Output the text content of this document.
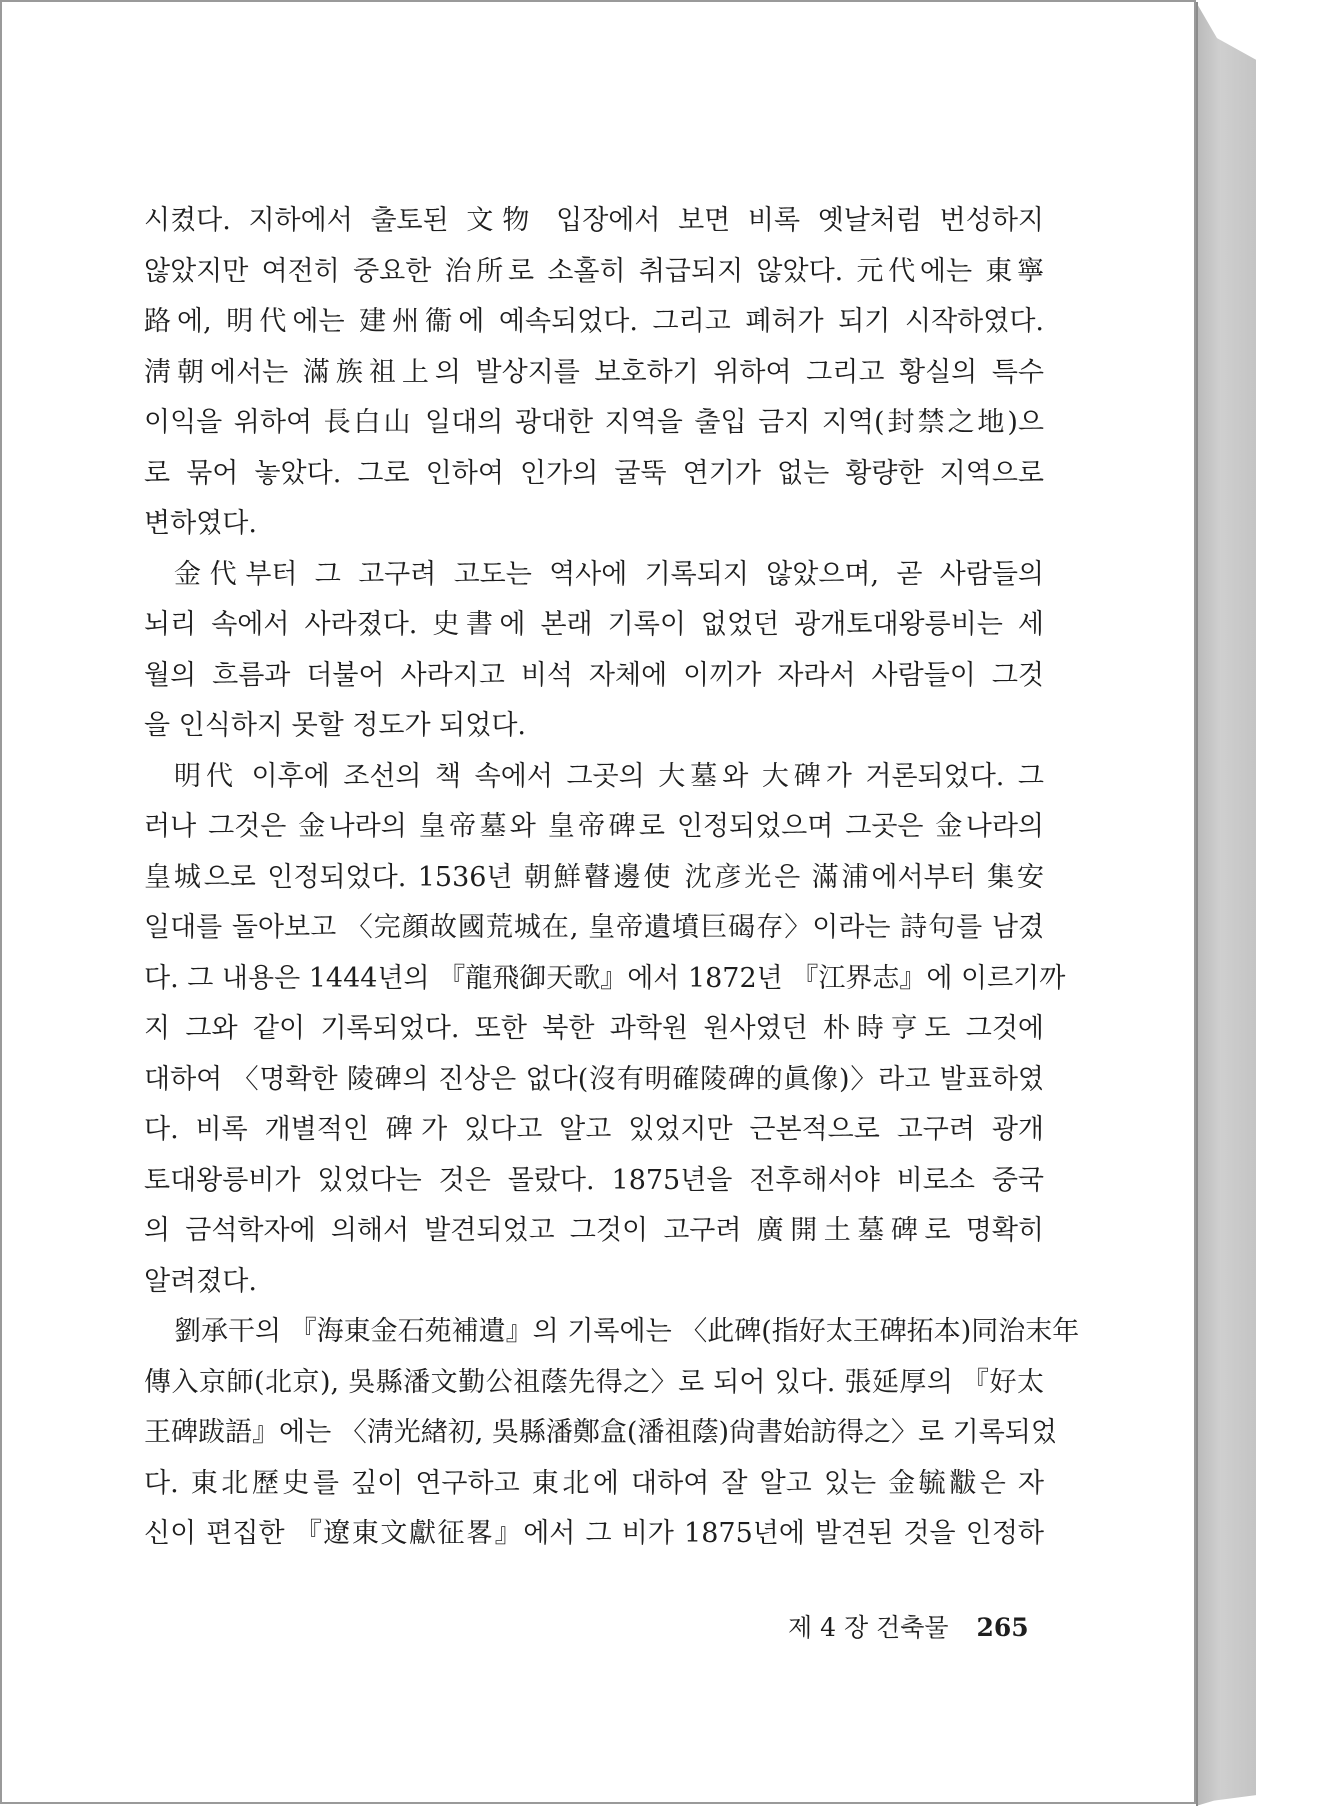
시켰다. 지하에서 출토된 文物 입장에서 보면 비록 옛날처럼 번성하지
않았지만 여전히 중요한 治所로 소홀히 취급되지 않았다. 元代에는 東寧
路에, 明代에는 建州衞에 예속되었다. 그리고 폐허가 되기 시작하였다.
淸朝에서는 滿族祖上의 발상지를 보호하기 위하여 그리고 황실의 특수
이익을 위하여 長白山 일대의 광대한 지역을 출입 금지 지역(封禁之地)으
로 묶어 놓았다. 그로 인하여 인가의 굴뚝 연기가 없는 황량한 지역으로
변하였다.
金代부터 그 고구려 고도는 역사에 기록되지 않았으며, 곧 사람들의
뇌리 속에서 사라졌다. 史書에 본래 기록이 없었던 광개토대왕릉비는 세
월의 흐름과 더불어 사라지고 비석 자체에 이끼가 자라서 사람들이 그것
을 인식하지 못할 정도가 되었다.
明代 이후에 조선의 책 속에서 그곳의 大墓와 大碑가 거론되었다. 그
러나 그것은 金나라의 皇帝墓와 皇帝碑로 인정되었으며 그곳은 金나라의
皇城으로 인정되었다. 1536년 朝鮮瞽邊使 沈彦光은 滿浦에서부터 集安
일대를 돌아보고 〈完顔故國荒城在, 皇帝遺墳巨碣存〉이라는 詩句를 남겼
다. 그 내용은 1444년의 『龍飛御天歌』에서 1872년 『江界志』에 이르기까
지 그와 같이 기록되었다. 또한 북한 과학원 원사였던 朴時亨도 그것에
대하여 〈명확한 陵碑의 진상은 없다(沒有明確陵碑的眞像)〉라고 발표하였
다. 비록 개별적인 碑가 있다고 알고 있었지만 근본적으로 고구려 광개
토대왕릉비가 있었다는 것은 몰랐다. 1875년을 전후해서야 비로소 중국
의 금석학자에 의해서 발견되었고 그것이 고구려 廣開土墓碑로 명확히
알려졌다.
劉承干의 『海東金石苑補遺』의 기록에는 〈此碑(指好太王碑拓本)同治末年
傳入京師(北京), 吳縣潘文勤公祖蔭先得之〉로 되어 있다. 張延厚의 『好太
王碑跋語』에는 〈淸光緖初, 吳縣潘鄭盒(潘祖蔭)尙書始訪得之〉로 기록되었
다. 東北歷史를 깊이 연구하고 東北에 대하여 잘 알고 있는 金毓黻은 자
신이 편집한 『遼東文獻征畧』에서 그 비가 1875년에 발견된 것을 인정하
제 4 장 건축물 265
